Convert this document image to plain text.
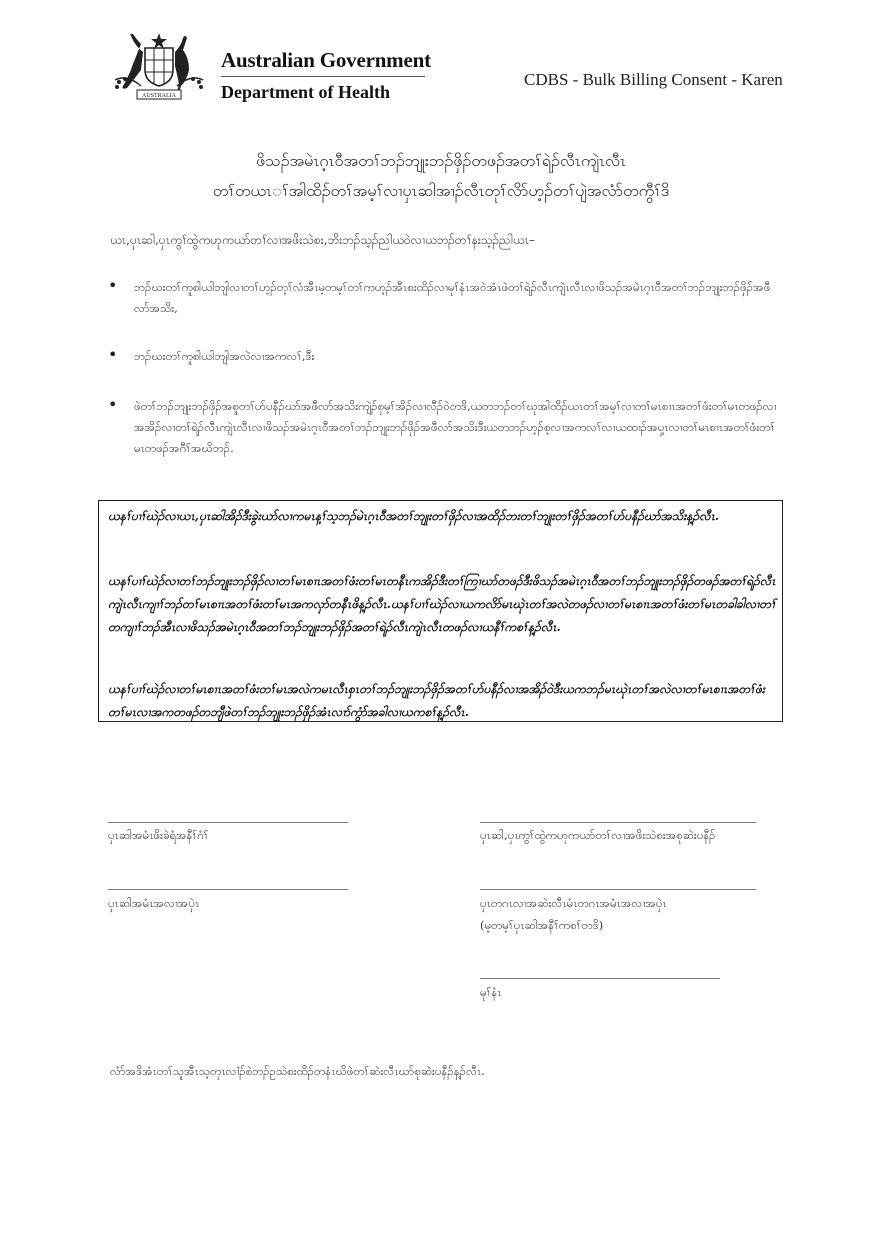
AUSTRALIA
Australian Government
Department of Health
CDBS - Bulk Billing Consent - Karen
ဖိသၣ်အမဲၤဂ့ၤဝီအတၢ်ဘၣ်ဘျုးဘၣ်ဖှိၣ်တဖၣ်အတၢ်ရဲၣ်လီၤကျဲၤလီၤ
တၢ်တယၤၢ်အါထိၣ်တၢ်အမ့ၢ်လၢပှၤဆါအၢၣ်လီၤတုၢ်လိာ်ဟ့ၣ်တၢ်ပျဲအလံာ်တကွီၢ်ဒိ
ယၤ,ပှၤဆါ,ပှၤကွၢ်ထွဲကဟုကယာ်တၢ်လၢအဖိးသဲစး,ဘိးဘၣ်သ့ၣ်ညါယဝဲလၢယဘၣ်တၢ်နးသ့ၣ်ညါယၤ–
• ဘၣ်ဃးတၢ်ကူစါယါဘျါလၢတၢ်ဟ့ၣ်တ့ၢ်လံအီၤမ့တမ့ၢ်တၢ်ကဟ့ၣ်အီၤစးထိၣ်လၢမုၢ်နံၤအဝဲအံၤဖဲတၢ်ရဲၣ်လီၤကျဲၤလီၤလၢဖိသၣ်အမဲၤဂ့ၤဝီအတၢ်ဘၣ်ဘျုးဘၣ်ဖှိၣ်အဖီလာ်အသိး,
• ဘၣ်ဃးတၢ်ကူစါယါဘျါအလဲလၢအကလၢ်,ဒီး
• ဖဲတၢ်ဘၣ်ဘျုးဘၣ်ဖှိၣ်အစူတၢ်ဟ်ပနီၣ်ဃာ်အဖီလာ်အသိးကျဲၣ်စှမ့ၢ်အိၣ်လၢလီၣ်ဝဲတဒိ,ယတဘၣ်တၢ်ဃုအါထိၣ်ယၤတၢ်အမ့ၢ်လၢတၢ်မၤစၢၤအတၢ်ဖံးတၢ်မၤတဖၣ်လၢအအိၣ်လၢတၢ်ရဲၣ်လီၤကျဲၤလီၤလၢဖိသၣ်အမဲၤဂ့ၤဝီအတၢ်ဘၣ်ဘျုးဘၣ်ဖှိၣ်အဖီလာ်အသိးဒီးယတဘၣ်ဟ့ၣ်စ့လၢအကလၢ်လၢယထၢၣ်အပှ့ၤလၢတၢ်မၤစၢၤအတၢ်ဖံးတၢ်မၤတဖၣ်အဂီၢ်အဃိဘၣ်.
ယနၢ်ပၢၢ်ဃဲၣ်လၢယၤ,ပှၤဆါအိၣ်ဒီးခွဲးယာ်လၢကမၤန့ၢ်သ့ဘၣ်မဲၤဂ့ၤဝီအတၢ်ဘျုးတၢ်ဖှိၣ်လၢအထိၣ်ဘးတၢ်ဘျုးတၢ်ဖှိၣ်အတၢ်ဟ်ပနီၣ်ဃာ်အသိးန့ၣ်လီၤ.
ယနၢ်ပၢၢ်ဃဲၣ်လၢတၢ်ဘၣ်ဘျုးဘၣ်ဖှိၣ်လၢတၢ်မၤစၢၤအတၢ်ဖံးတၢ်မၤတနီၤကအိၣ်ဒီးတၢ်ကြၢဃာ်တဖၣ်ဒီးဖိသၣ်အမဲၤဂ့ၤဝီအတၢ်ဘၣ်ဘျုးဘၣ်ဖှိၣ်တဖၣ်အတၢ်ရဲၣ်လီၤကျဲၤလီၤကျၢၢ်ဘၣ်တၢ်မၤစၢၤအတၢ်ဖံးတၢ်မၤအကလှာ်တနီၤဖိန့ၣ်လီၤ.ယနၢ်ပၢၢ်ဃဲၣ်လၢယကလိာ်မၤဃုဲၤတၢ်အလဲတဖၣ်လၢတၢ်မၤစၢၤအတၢ်ဖံးတၢ်မၤတခါခါလၢတၢ်တကျၢၢ်ဘၣ်အီၤလၢဖိသၣ်အမဲၤဂ့ၤဝီအတၢ်ဘၣ်ဘျုးဘၣ်ဖှိၣ်အတၢ်ရဲၣ်လီၤကျဲၤလီၤတဖၣ်လၢယနီၢ်ကစၢ်န့ၣ်လီၤ.
ယနၢ်ပၢၢ်ဃဲၣ်လၢတၢ်မၤစၢၤအတၢ်ဖံးတၢ်မၤအလဲကမၤလီၤစှၤတၢ်ဘၣ်ဘျုးဘၣ်ဖှိၣ်အတၢ်ဟ်ပနီၣ်လၢအအိၣ်ဝဲဒီးယကဘၣ်မၤဃုဲၤတၢ်အလဲလၢတၢ်မၤစၢၤအတၢ်ဖံးတၢ်မၤလၢအကတဖၣ်တဘျီဖဲတၢ်ဘၣ်ဘျုးဘၣ်ဖှိၣ်အံၤလၢာ်ကွံာ်အခါလၢယကစၢ်န့ၣ်လီၤ.
ပှၤဆါအမံၤဖိးခဲရံအနီၢ်ဂံၢ်	ပှၤဆါ,ပှၤကွၢ်ထွဲကဟုကယာ်တၢ်လၢအဖိးသဲစးအစုဆဲးပနီၣ်
ပှၤဆါအမံၤအလၢအပှဲၤ	ပှၤတဂၤလၢအဆဲးလီၤမံၤတဂၤအမံၤအလၢအပှဲၤ
(မ့တမ့ၢ်ပှၤဆါအနီၢ်ကစၢ်တဒိ)
မုၢ်နံၤ
လံာ်အဒိအံၤတၢ်သူအီၤသ့တုၤလၢံၣ်စဲဘၣ်ဥသဲစးထိၣ်တနံၤဃိဖဲတၢ်ဆဲးလီၤဃာ်စုဆဲးပနီၣ်န့ၣ်လီၤ.
